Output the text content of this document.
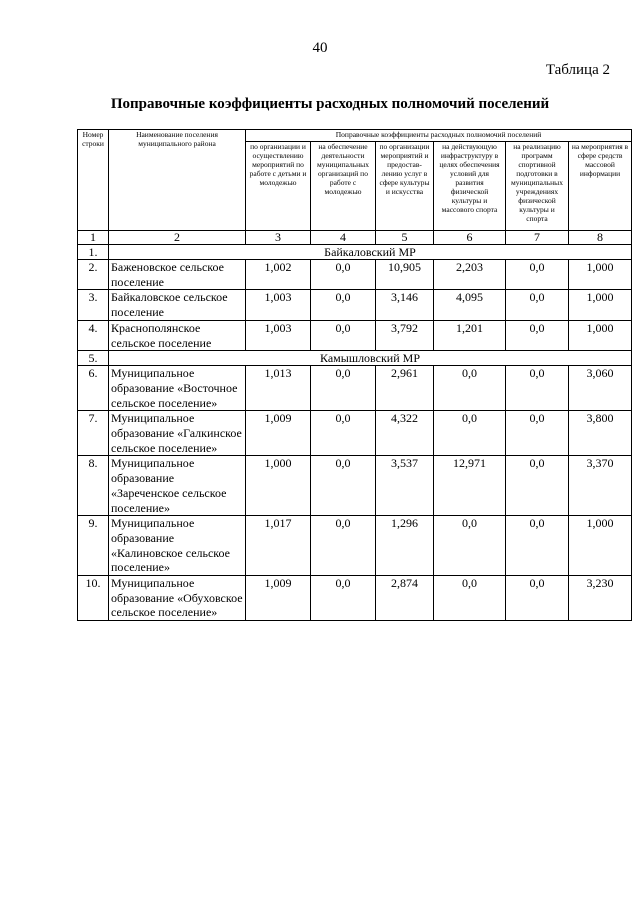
40
Таблица 2
Поправочные коэффициенты расходных полномочий поселений
Номер строки	Наименование поселения муниципального района	Поправочные коэффициенты расходных полномочий поселений					
		по организации и осуществлению мероприятий по работе с детьми и молодежью	на обеспечение деятельности муниципальных организаций по работе с молодежью	по организации мероприятий и предостав-лению услуг в сфере культуры и искусства	на действующую инфраструктуру в целях обеспечения условий для развития физической культуры и массового спорта	на реализацию программ спортивной подготовки в муниципальных учреждениях физической культуры и спорта	на мероприятия в сфере средств массовой информации
1	2	3	4	5	6	7	8
1.	Байкаловский МР						
2.	Баженовское сельское поселение	1,002	0,0	10,905	2,203	0,0	1,000
3.	Байкаловское сельское поселение	1,003	0,0	3,146	4,095	0,0	1,000
4.	Краснополянское сельское поселение	1,003	0,0	3,792	1,201	0,0	1,000
5.	Камышловский МР						
6.	Муниципальное образование «Восточное сельское поселение»	1,013	0,0	2,961	0,0	0,0	3,060
7.	Муниципальное образование «Галкинское сельское поселение»	1,009	0,0	4,322	0,0	0,0	3,800
8.	Муниципальное образование «Зареченское сельское поселение»	1,000	0,0	3,537	12,971	0,0	3,370
9.	Муниципальное образование «Калиновское сельское поселение»	1,017	0,0	1,296	0,0	0,0	1,000
10.	Муниципальное образование «Обуховское сельское поселение»	1,009	0,0	2,874	0,0	0,0	3,230
